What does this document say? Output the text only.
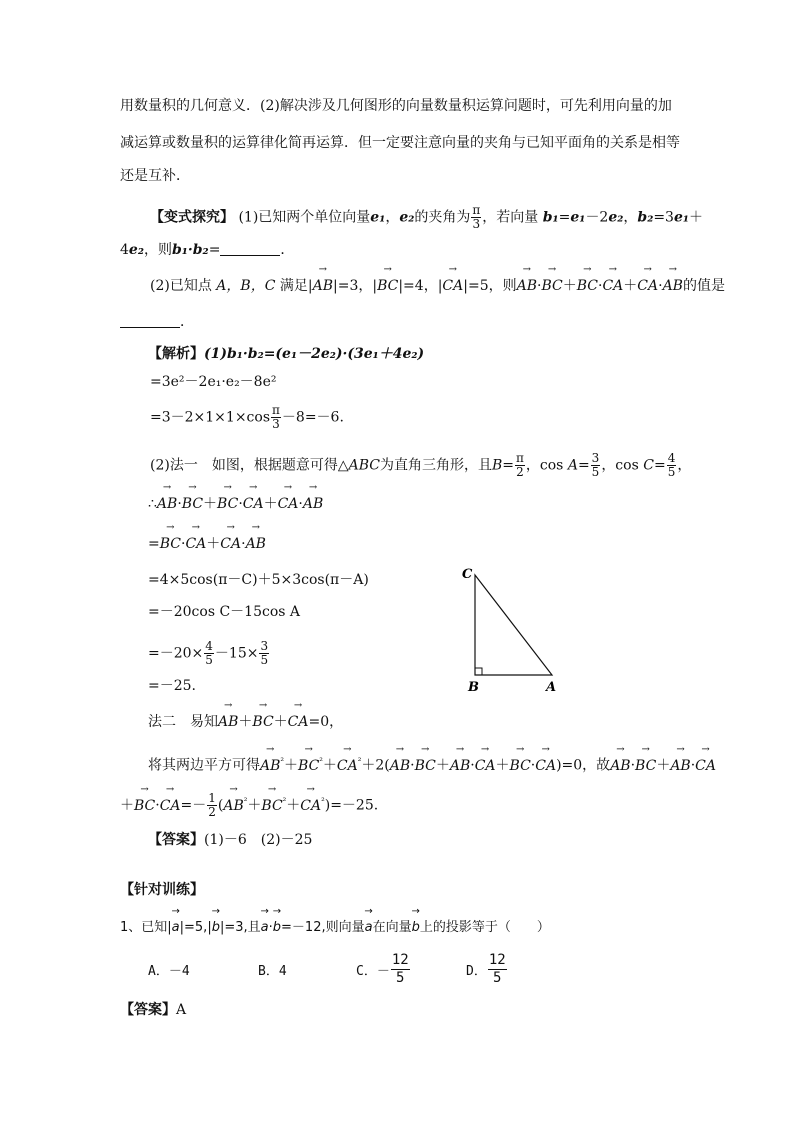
用数量积的几何意义．(2)解决涉及几何图形的向量数量积运算问题时，可先利用向量的加
减运算或数量积的运算律化简再运算．但一定要注意向量的夹角与已知平面角的关系是相等
还是互补．
【变式探究】 (1)已知两个单位向量e₁，e₂的夹角为 $\frac{\pi}{3}$ ，若向量 b₁=e₁－2e₂，b₂=3e₁＋
4e₂，则b₁·b₂=	．
(2)已知点 A，B，C 满足|→ AB|=3，|→ BC|=4，|→ CA|=5，则→ AB·→ BC＋→ BC·→ CA＋→ CA·→ AB的值是
．
【解析】(1)b₁·b₂=(e₁－2e₂)·(3e₁＋4e₂)
=3e²－2e₁·e₂－8e²
$=3-2\times 1\times 1\times\cos \frac{\pi}{3} -8=-6$.
(2)法一　如图，根据题意可得△ABC为直角三角形，且$B= \frac{\pi}{2}$ ，$\cos A= \frac{3}{5}$ ，$\cos C= \frac{4}{5}$ ，
∴→ AB·→ BC＋→ BC·→ CA＋→ CA·→ AB
=→ BC·→ CA＋→ CA·→ AB
=4×5cos(π－C)＋5×3cos(π－A)
=－20cos C－15cos A
$=-20\times \frac{4}{5} -15\times \frac{3}{5}$
=－25.
C
B	A
法二　易知→ AB＋→ BC＋→ CA=0，
将其两边平方可得→ $AB^{^2}+\to BC^{^2}+\to CA^{^2}+2(\to AB\cdot\to BC+\to AB\cdot\to CA+\to BC\cdot\to CA)=0$，故→ AB·→ BC＋→ AB·→ CA
＋→ $BC\cdot\to CA=- \frac{1}{2}$ (→ $AB^{^2}+\to BC^{^2}+\to CA^{^2})=-25$.
【答案】(1)－6　(2)－25
【针对训练】
1、已知|→ a|=5,|→ b|=3,且→ a·→ b=－12,则向量→ a在向量→ b上的投影等于（　　）
A．－4	B．4	C．－
12
5	D．
12
5
【答案】A
